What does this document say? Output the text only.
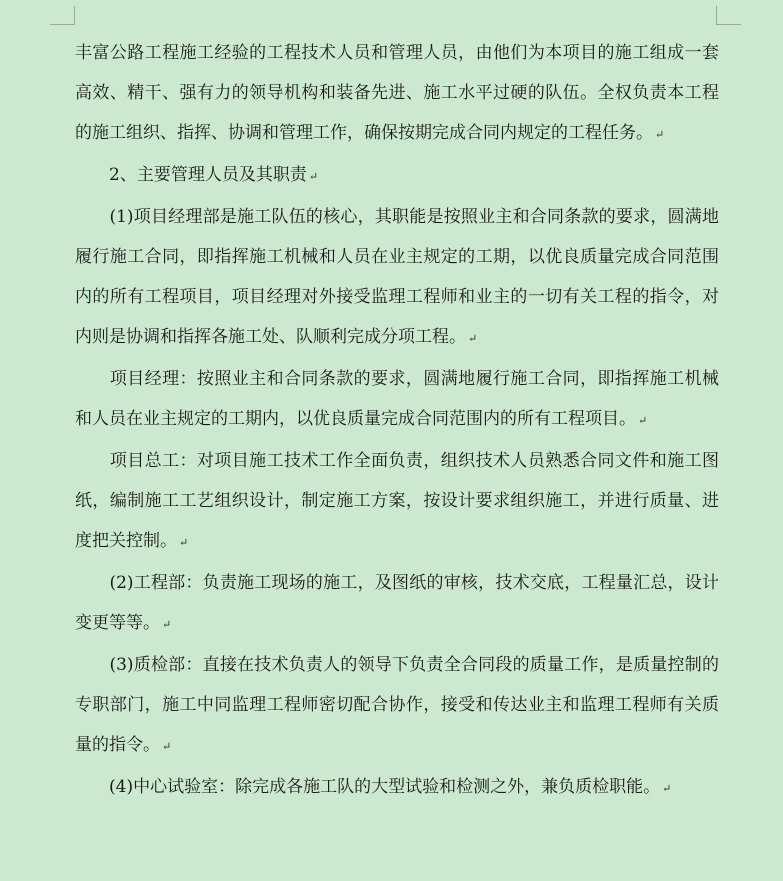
丰富公路工程施工经验的工程技术人员和管理人员，由他们为本项目的施工组成一套高效、精干、强有力的领导机构和装备先进、施工水平过硬的队伍。全权负责本工程的施工组织、指挥、协调和管理工作，确保按期完成合同内规定的工程任务。 ↵

　　2、主要管理人员及其职责 ↵

　　(1)项目经理部是施工队伍的核心，其职能是按照业主和合同条款的要求，圆满地履行施工合同，即指挥施工机械和人员在业主规定的工期，以优良质量完成合同范围内的所有工程项目，项目经理对外接受监理工程师和业主的一切有关工程的指令，对内则是协调和指挥各施工处、队顺利完成分项工程。 ↵

　　项目经理：按照业主和合同条款的要求，圆满地履行施工合同，即指挥施工机械和人员在业主规定的工期内，以优良质量完成合同范围内的所有工程项目。 ↵

　　项目总工：对项目施工技术工作全面负责，组织技术人员熟悉合同文件和施工图纸，编制施工工艺组织设计，制定施工方案，按设计要求组织施工，并进行质量、进度把关控制。 ↵

　　(2)工程部：负责施工现场的施工，及图纸的审核，技术交底，工程量汇总，设计变更等等。 ↵

　　(3)质检部：直接在技术负责人的领导下负责全合同段的质量工作，是质量控制的专职部门，施工中同监理工程师密切配合协作，接受和传达业主和监理工程师有关质量的指令。 ↵

　　(4)中心试验室：除完成各施工队的大型试验和检测之外，兼负质检职能。 ↵
